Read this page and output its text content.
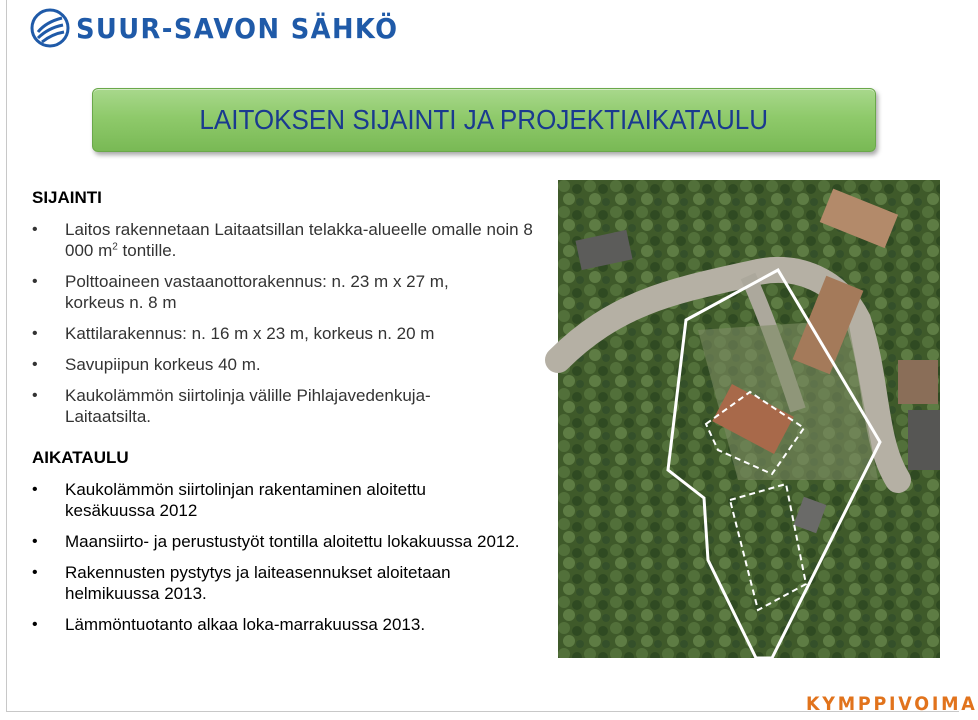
SUUR-SAVON SÄHKÖ
LAITOKSEN SIJAINTI JA PROJEKTIAIKATAULU
SIJAINTI
• Laitos rakennetaan Laitaatsillan telakka-alueelle omalle noin 8 000 $m^2$ tontille.
• Polttoaineen vastaanottorakennus: n. 23 m x 27 m, korkeus n. 8 m
• Kattilarakennus: n. 16 m x 23 m, korkeus n. 20 m
• Savupiipun korkeus 40 m.
• Kaukolämmön siirtolinja välille Pihlajavedenkuja-Laitaatsilta.
AIKATAULU
• Kaukolämmön siirtolinjan rakentaminen aloitettu kesäkuussa 2012
• Maansiirto- ja perustustyöt tontilla aloitettu lokakuussa 2012.
• Rakennusten pystytys ja laiteasennukset aloitetaan helmikuussa 2013.
• Lämmöntuotanto alkaa loka-marrakuussa 2013.
KYMPPIVOIMA
